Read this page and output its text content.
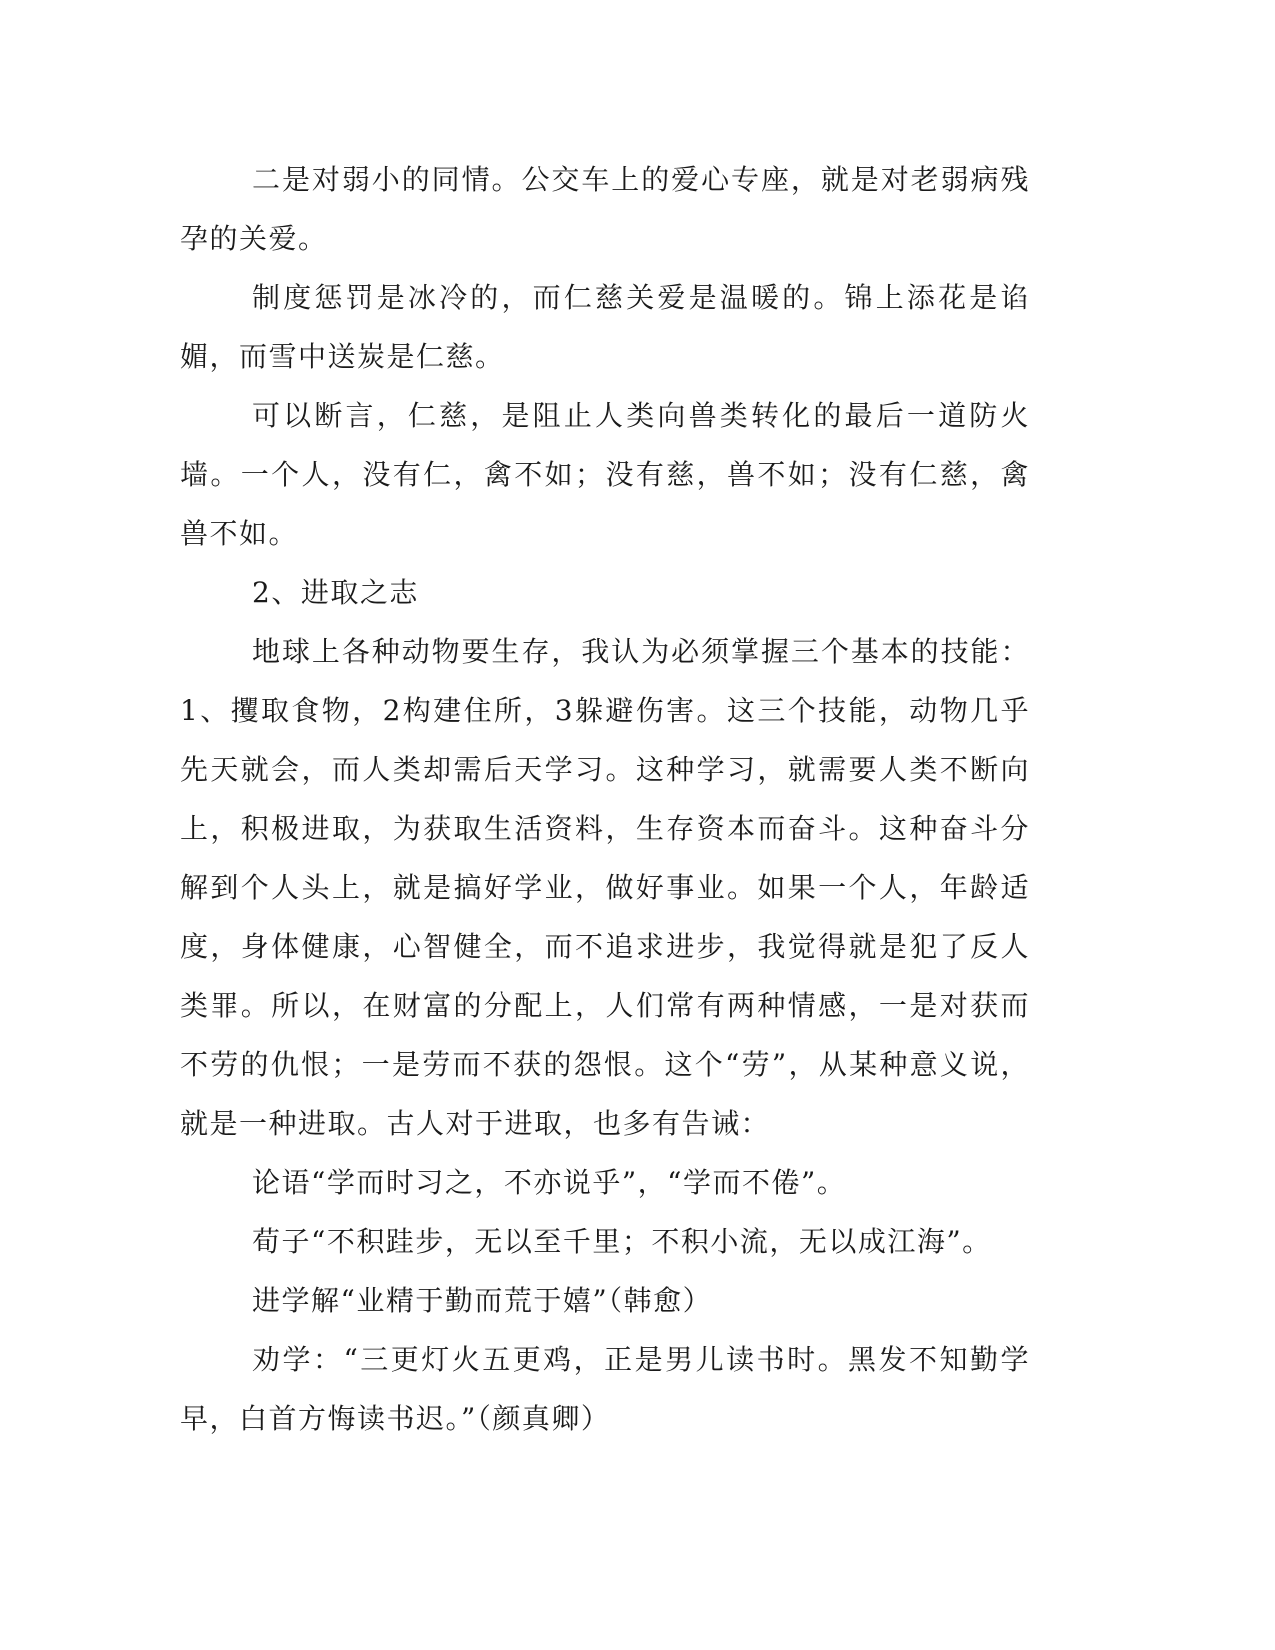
二是对弱小的同情。公交车上的爱心专座，就是对老弱病残孕的关爱。

制度惩罚是冰冷的，而仁慈关爱是温暖的。锦上添花是谄媚，而雪中送炭是仁慈。

可以断言，仁慈，是阻止人类向兽类转化的最后一道防火墙。一个人，没有仁，禽不如；没有慈，兽不如；没有仁慈，禽兽不如。

2、进取之志

地球上各种动物要生存，我认为必须掌握三个基本的技能：1、攫取食物，2构建住所，3躲避伤害。这三个技能，动物几乎先天就会，而人类却需后天学习。这种学习，就需要人类不断向上，积极进取，为获取生活资料，生存资本而奋斗。这种奋斗分解到个人头上，就是搞好学业，做好事业。如果一个人，年龄适度，身体健康，心智健全，而不追求进步，我觉得就是犯了反人类罪。所以，在财富的分配上，人们常有两种情感，一是对获而不劳的仇恨；一是劳而不获的怨恨。这个“劳”，从某种意义说，就是一种进取。古人对于进取，也多有告诫：

论语“学而时习之，不亦说乎”，“学而不倦”。

荀子“不积跬步，无以至千里；不积小流，无以成江海”。

进学解“业精于勤而荒于嬉”（韩愈）

劝学：“三更灯火五更鸡，正是男儿读书时。黑发不知勤学早，白首方悔读书迟。”（颜真卿）
